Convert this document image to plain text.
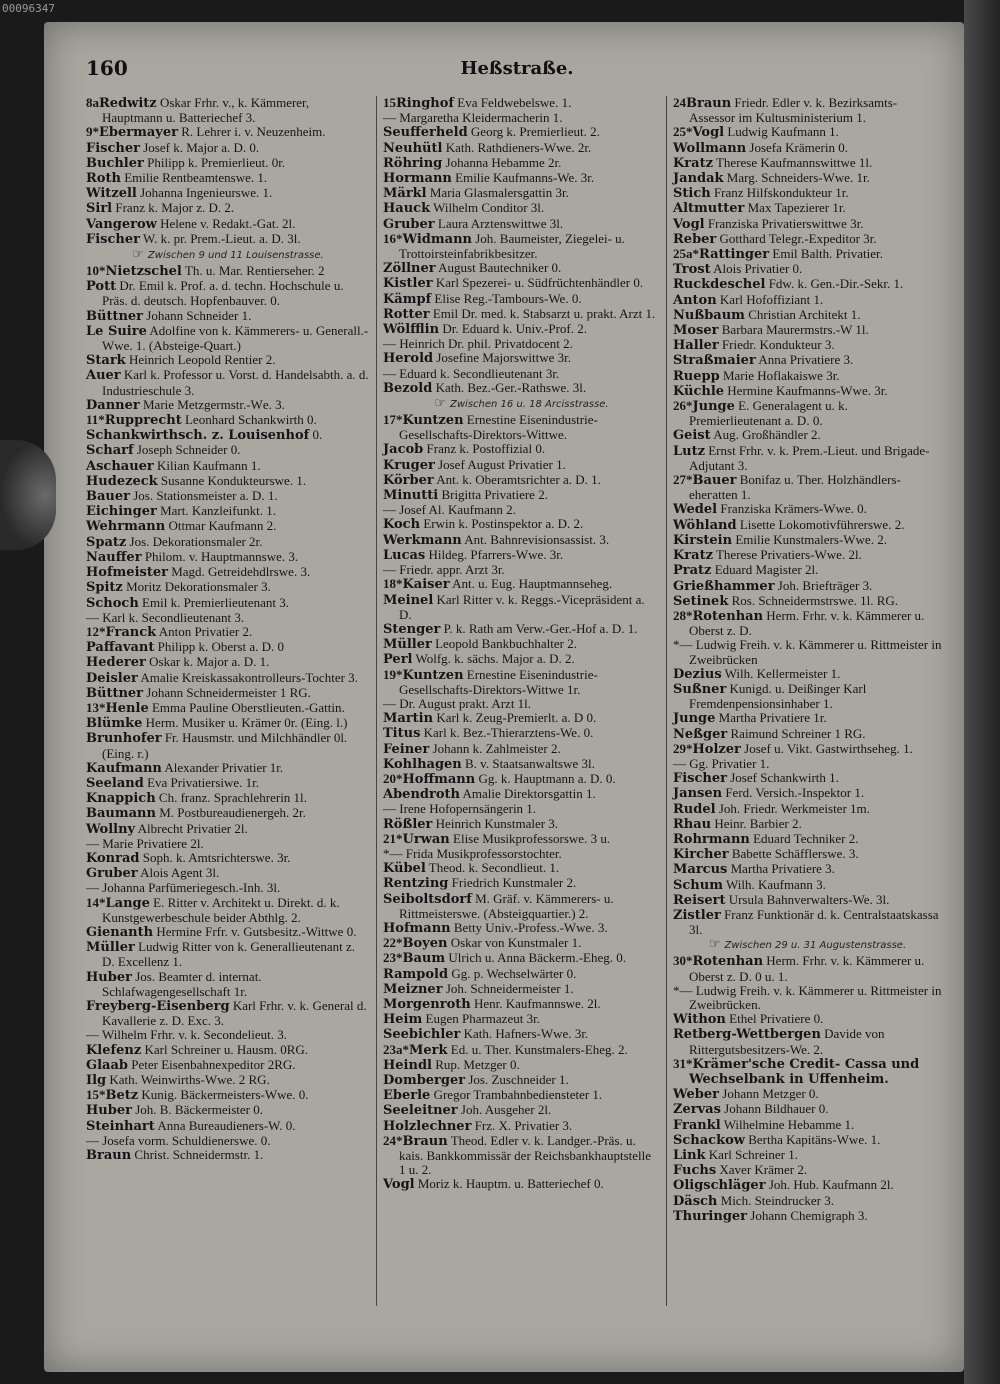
00096347
160	Heßstraße.
8aRedwitz Oskar Frhr. v., k. Kämmerer, Hauptmann u. Batteriechef 3.
9*Ebermayer R. Lehrer i. v. Neuzenheim.
Fischer Josef k. Major a. D. 0.
Buchler Philipp k. Premierlieut. 0r.
Roth Emilie Rentbeamtenswe. 1.
Witzell Johanna Ingenieurswe. 1.
Sirl Franz k. Major z. D. 2.
Vangerow Helene v. Redakt.-Gat. 2l.
Fischer W. k. pr. Prem.-Lieut. a. D. 3l.
☞ Zwischen 9 und 11 Louisenstrasse.
10*Nietzschel Th. u. Mar. Rentiersehег. 2
Pott Dr. Emil k. Prof. a. d. techn. Hochschule u. Präs. d. deutsch. Hopfenbauver. 0.
Büttner Johann Schneider 1.
Le Suire Adolfine von k. Kämmerers- u. Generall.-Wwe. 1. (Absteige-Quart.)
Stark Heinrich Leopold Rentier 2.
Auer Karl k. Professor u. Vorst. d. Handelsabth. a. d. Industrieschule 3.
Danner Marie Metzgermstr.-Wе. 3.
11*Rupprecht Leonhard Schankwirth 0.
Schankwirthsch. z. Louisenhof 0.
Scharf Joseph Schneider 0.
Aschauer Kilian Kaufmann 1.
Hudezeck Susanne Kondukteurswe. 1.
Bauer Jos. Stationsmeister a. D. 1.
Eichinger Mart. Kanzleifunkt. 1.
Wehrmann Ottmar Kaufmann 2.
Spatz Jos. Dekorationsmaler 2r.
Nauffer Philom. v. Hauptmannswe. 3.
Hofmeister Magd. Getreidehdlrswe. 3.
Spitz Moritz Dekorationsmaler 3.
Schoch Emil k. Premierlieutenant 3.
— Karl k. Secondlieutenant 3.
12*Franck Anton Privatier 2.
Paffavant Philipp k. Oberst a. D. 0
Hederer Oskar k. Major a. D. 1.
Deisler Amalie Kreiskassakontrolleurs-Tochter 3.
Büttner Johann Schneidermeister 1 RG.
13*Henle Emma Pauline Oberstlieuten.-Gattin.
Blümke Herm. Musiker u. Krämer 0r. (Eing. l.)
Brunhofer Fr. Hausmstr. und Milchhändler 0l. (Eing. r.)
Kaufmann Alexander Privatier 1r.
Seeland Eva Privatiersiwe. 1r.
Knappich Ch. franz. Sprachlehrerin 1l.
Baumann M. Postbureaudienergeh. 2r.
Wollny Albrecht Privatier 2l.
— Marie Privatiere 2l.
Konrad Soph. k. Amtsrichterswe. 3r.
Gruber Alois Agent 3l.
— Johanna Parfümeriegesch.-Inh. 3l.
14*Lange E. Ritter v. Architekt u. Direkt. d. k. Kunstgewerbeschule beider Abthlg. 2.
Gienanth Hermine Frfr. v. Gutsbesitz.-Wittwe 0.
Müller Ludwig Ritter von k. Generallieutenant z. D. Excellenz 1.
Huber Jos. Beamter d. internat. Schlafwagengesellschaft 1r.
Freyberg-Eisenberg Karl Frhr. v. k. General d. Kavallerie z. D. Exc. 3.
— Wilhelm Frhr. v. k. Secondelieut. 3.
Klefenz Karl Schreiner u. Hausm. 0RG.
Glaab Peter Eisenbahnexpeditor 2RG.
Ilg Kath. Weinwirths-Wwe. 2 RG.
15*Betz Kunig. Bäckermeisters-Wwe. 0.
Huber Joh. B. Bäckermeister 0.
Steinhart Anna Bureaudieners-W. 0.
— Josefa vorm. Schuldienerswe. 0.
Braun Christ. Schneidermstr. 1.
15Ringhof Eva Feldwebelswe. 1.
— Margaretha Kleidermacherin 1.
Seufferheld Georg k. Premierlieut. 2.
Neuhütl Kath. Rathdieners-Wwe. 2r.
Röhring Johanna Hebamme 2r.
Hormann Emilie Kaufmanns-We. 3r.
Märkl Maria Glasmalersgattin 3r.
Hauck Wilhelm Conditor 3l.
Gruber Laura Arztenswittwe 3l.
16*Widmann Joh. Baumeister, Ziegelei- u. Trottoirsteinfabrikbesitzer.
Zöllner August Bautechniker 0.
Kistler Karl Spezerei- u. Südfrüchtenhändler 0.
Kämpf Elise Reg.-Tambours-We. 0.
Rotter Emil Dr. med. k. Stabsarzt u. prakt. Arzt 1.
Wölfflin Dr. Eduard k. Univ.-Prof. 2.
— Heinrich Dr. phil. Privatdocent 2.
Herold Josefine Majorswittwe 3r.
— Eduard k. Secondlieutenant 3r.
Bezold Kath. Bez.-Ger.-Rathswe. 3l.
☞ Zwischen 16 u. 18 Arcisstrasse.
17*Kuntzen Ernestine Eisenindustrie-Gesellschafts-Direktors-Wittwe.
Jacob Franz k. Postoffizial 0.
Kruger Josef August Privatier 1.
Körber Ant. k. Oberamtsrichter a. D. 1.
Minutti Brigitta Privatiere 2.
— Josef Al. Kaufmann 2.
Koch Erwin k. Postinspektor a. D. 2.
Werkmann Ant. Bahnrevisionsassist. 3.
Lucas Hildeg. Pfarrers-Wwe. 3r.
— Friedr. appr. Arzt 3r.
18*Kaiser Ant. u. Eug. Hauptmannseheg.
Meinel Karl Ritter v. k. Reggs.-Vicepräsident a. D.
Stenger P. k. Rath am Verw.-Ger.-Hof a. D. 1.
Müller Leopold Bankbuchhalter 2.
Perl Wolfg. k. sächs. Major a. D. 2.
19*Kuntzen Ernestine Eisenindustrie-Gesellschafts-Direktors-Wittwe 1r.
— Dr. August prakt. Arzt 1l.
Martin Karl k. Zeug-Premierlt. a. D 0.
Titus Karl k. Bez.-Thierarztens-We. 0.
Feiner Johann k. Zahlmeister 2.
Kohlhagen B. v. Staatsanwaltswe 3l.
20*Hoffmann Gg. k. Hauptmann a. D. 0.
Abendroth Amalie Direktorsgattin 1.
— Irene Hofopernsängerin 1.
Rößler Heinrich Kunstmaler 3.
21*Urwan Elise Musikprofessorswe. 3 u.
*— Frida Musikprofessorstochter.
Kübel Theod. k. Secondlieut. 1.
Rentzing Friedrich Kunstmaler 2.
Seiboltsdorf M. Gräf. v. Kämmerers- u. Rittmeisterswe. (Absteigquartier.) 2.
Hofmann Betty Univ.-Profess.-Wwe. 3.
22*Boyen Oskar von Kunstmaler 1.
23*Baum Ulrich u. Anna Bäckerm.-Eheg. 0.
Rampold Gg. p. Wechselwärter 0.
Meizner Joh. Schneidermeister 1.
Morgenroth Henr. Kaufmannswe. 2l.
Heim Eugen Pharmazeut 3r.
Seebichler Kath. Hafners-Wwe. 3r.
23a*Merk Ed. u. Ther. Kunstmalers-Eheg. 2.
Heindl Rup. Metzger 0.
Domberger Jos. Zuschneider 1.
Eberle Gregor Trambahnbedienstеter 1.
Seeleitner Joh. Ausgeher 2l.
Holzlechner Frz. X. Privatier 3.
24*Braun Theod. Edler v. k. Landger.-Präs. u. kais. Bankkommissär der Reichsbankhauptstelle 1 u. 2.
Vogl Moriz k. Hauptm. u. Batteriechef 0.
24Braun Friedr. Edler v. k. Bezirksamts-Assessor im Kultusministerium 1.
25*Vogl Ludwig Kaufmann 1.
Wollmann Josefa Krämerin 0.
Kratz Therese Kaufmannswittwe 1l.
Jandak Marg. Schneiders-Wwe. 1r.
Stich Franz Hilfskondukteur 1r.
Altmutter Max Tapezierer 1r.
Vogl Franziska Privatierswittwe 3r.
Reber Gotthard Telegr.-Expeditor 3r.
25a*Rattinger Emil Balth. Privatier.
Trost Alois Privatier 0.
Ruckdeschel Fdw. k. Gen.-Dir.-Sekr. 1.
Anton Karl Hofoffiziant 1.
Nußbaum Christian Architekt 1.
Moser Barbara Maurermstrs.-W 1l.
Haller Friedr. Kondukteur 3.
Straßmaier Anna Privatiere 3.
Ruepp Marie Hoflakaiswe 3r.
Küchle Hermine Kaufmanns-Wwe. 3r.
26*Junge E. Generalagent u. k. Premierlieutenant a. D. 0.
Geist Aug. Großhändler 2.
Lutz Ernst Frhr. v. k. Prem.-Lieut. und Brigade-Adjutant 3.
27*Bauer Bonifaz u. Ther. Holzhändlers-eheгatten 1.
Wedel Franziska Krämers-Wwe. 0.
Wöhland Lisette Lokomotivführerswe. 2.
Kirstein Emilie Kunstmalers-Wwe. 2.
Kratz Therese Privatiers-Wwe. 2l.
Pratz Eduard Magister 2l.
Grießhammer Joh. Briefträger 3.
Setinek Ros. Schneidermstrswe. 1l. RG.
28*Rotenhan Herm. Frhr. v. k. Kämmerer u. Oberst z. D.
*— Ludwig Freih. v. k. Kämmerer u. Rittmeister in Zweibrücken
Dezius Wilh. Kellermeister 1.
Sußner Kunigd. u. Deißinger Karl Fremdenpensionsinhaber 1.
Junge Martha Privatiere 1r.
Neßger Raimund Schreiner 1 RG.
29*Holzer Josef u. Vikt. Gastwirthseheg. 1.
— Gg. Privatier 1.
Fischer Josef Schankwirth 1.
Jansen Ferd. Versich.-Inspektor 1.
Rudel Joh. Friedr. Werkmeister 1m.
Rhau Heinr. Barbier 2.
Rohrmann Eduard Techniker 2.
Kircher Babette Schäfflerswe. 3.
Marcus Martha Privatiere 3.
Schum Wilh. Kaufmann 3.
Reisert Ursula Bahnverwalters-We. 3l.
Zistler Franz Funktionär d. k. Centralstaatskassa 3l.
☞ Zwischen 29 u. 31 Augustenstrasse.
30*Rotenhan Herm. Frhr. v. k. Kämmerer u. Oberst z. D. 0 u. 1.
*— Ludwig Freih. v. k. Kämmerer u. Rittmeister in Zweibrücken.
Withon Ethel Privatiere 0.
Retberg-Wettbergen Davide von Rittergutsbesitzers-We. 2.
31*Krämer'sche Credit- Cassa und Wechselbank in Uffenheim.
Weber Johann Metzger 0.
Zervas Johann Bildhauer 0.
Frankl Wilhelmine Hebamme 1.
Schackow Bertha Kapitäns-Wwe. 1.
Link Karl Schreiner 1.
Fuchs Xaver Krämer 2.
Oligschläger Joh. Hub. Kaufmann 2l.
Däsch Mich. Steindrucker 3.
Thuringer Johann Chemigraph 3.
